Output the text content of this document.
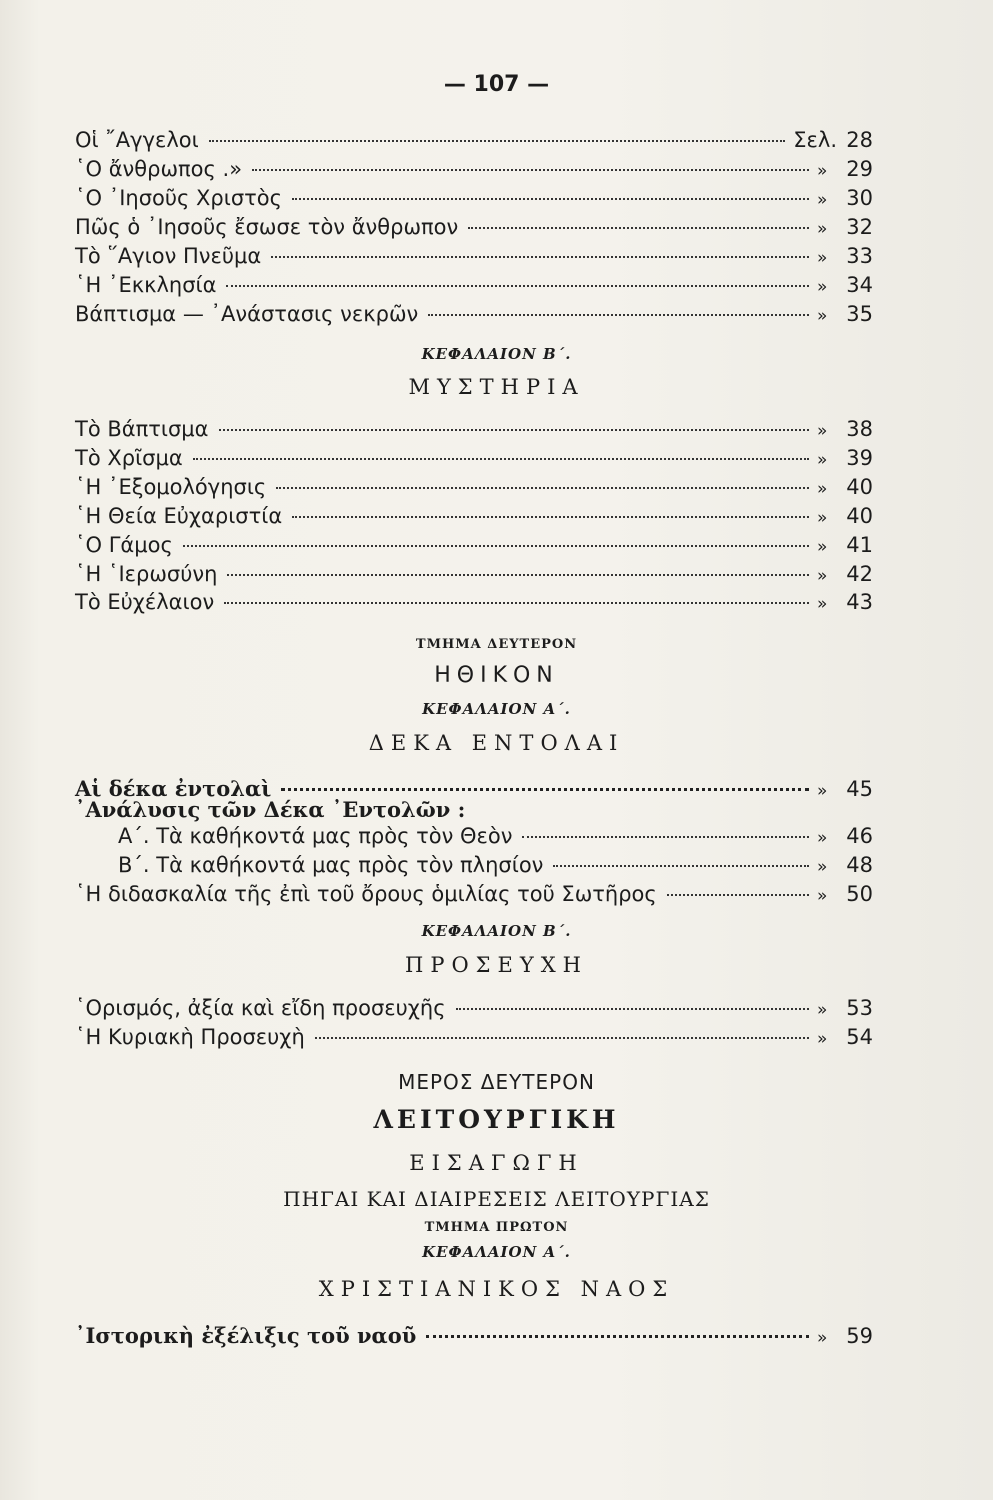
— 107 —
Οἱ ῎Αγγελοι	Σελ. 28
῾Ο ἄνθρωπος .»	» 29
῾Ο ᾿Ιησοῦς Χριστὸς	» 30
Πῶς ὁ ᾿Ιησοῦς ἔσωσε τὸν ἄνθρωπον	» 32
Τὸ ῞Αγιον Πνεῦμα	» 33
῾Η ᾿Εκκλησία	» 34
Βάπτισμα — ᾿Ανάστασις νεκρῶν	» 35
ΚΕΦΑΛΑΙΟΝ Β΄.
ΜΥΣΤΗΡΙΑ
Τὸ Βάπτισμα	» 38
Τὸ Χρῖσμα	» 39
῾Η ᾿Εξομολόγησις	» 40
῾Η Θεία Εὐχαριστία	» 40
῾Ο Γάμος	» 41
῾Η ῾Ιερωσύνη	» 42
Τὸ Εὐχέλαιον	» 43
ΤΜΗΜΑ ΔΕΥΤΕΡΟΝ
ΗΘΙΚΟΝ
ΚΕΦΑΛΑΙΟΝ Α΄.
ΔΕΚΑ ΕΝΤΟΛΑΙ
Αἱ δέκα ἐντολαὶ	» 45
᾿Ανάλυσις τῶν Δέκα ᾿Εντολῶν :
Α΄. Τὰ καθήκοντά μας πρὸς τὸν Θεὸν	» 46
Β΄. Τὰ καθήκοντά μας πρὸς τὸν πλησίον	» 48
῾Η διδασκαλία τῆς ἐπὶ τοῦ ὄρους ὁμιλίας τοῦ Σωτῆρος	» 50
ΚΕΦΑΛΑΙΟΝ Β΄.
ΠΡΟΣΕΥΧΗ
῾Ορισμός, ἀξία καὶ εἴδη προσευχῆς	» 53
῾Η Κυριακὴ Προσευχὴ	» 54
ΜΕΡΟΣ ΔΕΥΤΕΡΟΝ
ΛΕΙΤΟΥΡΓΙΚΗ
ΕΙΣΑΓΩΓΗ
ΠΗΓΑΙ ΚΑΙ ΔΙΑΙΡΕΣΕΙΣ ΛΕΙΤΟΥΡΓΙΑΣ
ΤΜΗΜΑ ΠΡΩΤΟΝ
ΚΕΦΑΛΑΙΟΝ Α΄.
ΧΡΙΣΤΙΑΝΙΚΟΣ ΝΑΟΣ
᾿Ιστορικὴ ἐξέλιξις τοῦ ναοῦ	» 59
